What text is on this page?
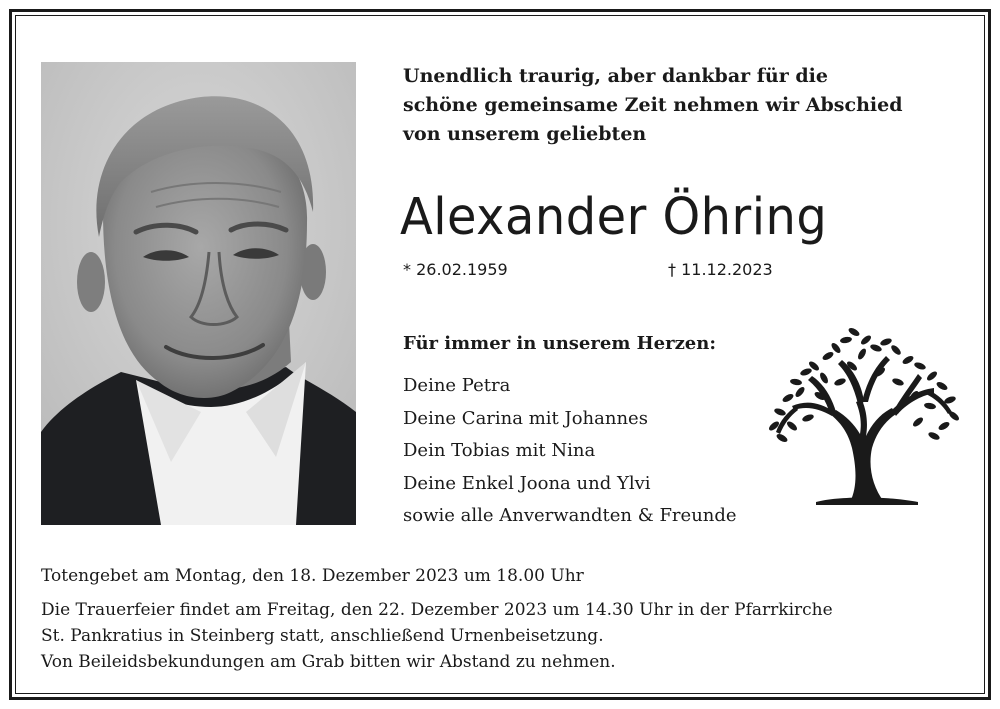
Unendlich traurig, aber dankbar für die
schöne gemeinsame Zeit nehmen wir Abschied
von unserem geliebten
Alexander Öhring
* 26.02.1959	† 11.12.2023
Für immer in unserem Herzen:
Deine Petra
Deine Carina mit Johannes
Dein Tobias mit Nina
Deine Enkel Joona und Ylvi
sowie alle Anverwandten & Freunde
Totengebet am Montag, den 18. Dezember 2023 um 18.00 Uhr
Die Trauerfeier findet am Freitag, den 22. Dezember 2023 um 14.30 Uhr in der Pfarrkirche
St. Pankratius in Steinberg statt, anschließend Urnenbeisetzung.
Von Beileidsbekundungen am Grab bitten wir Abstand zu nehmen.
